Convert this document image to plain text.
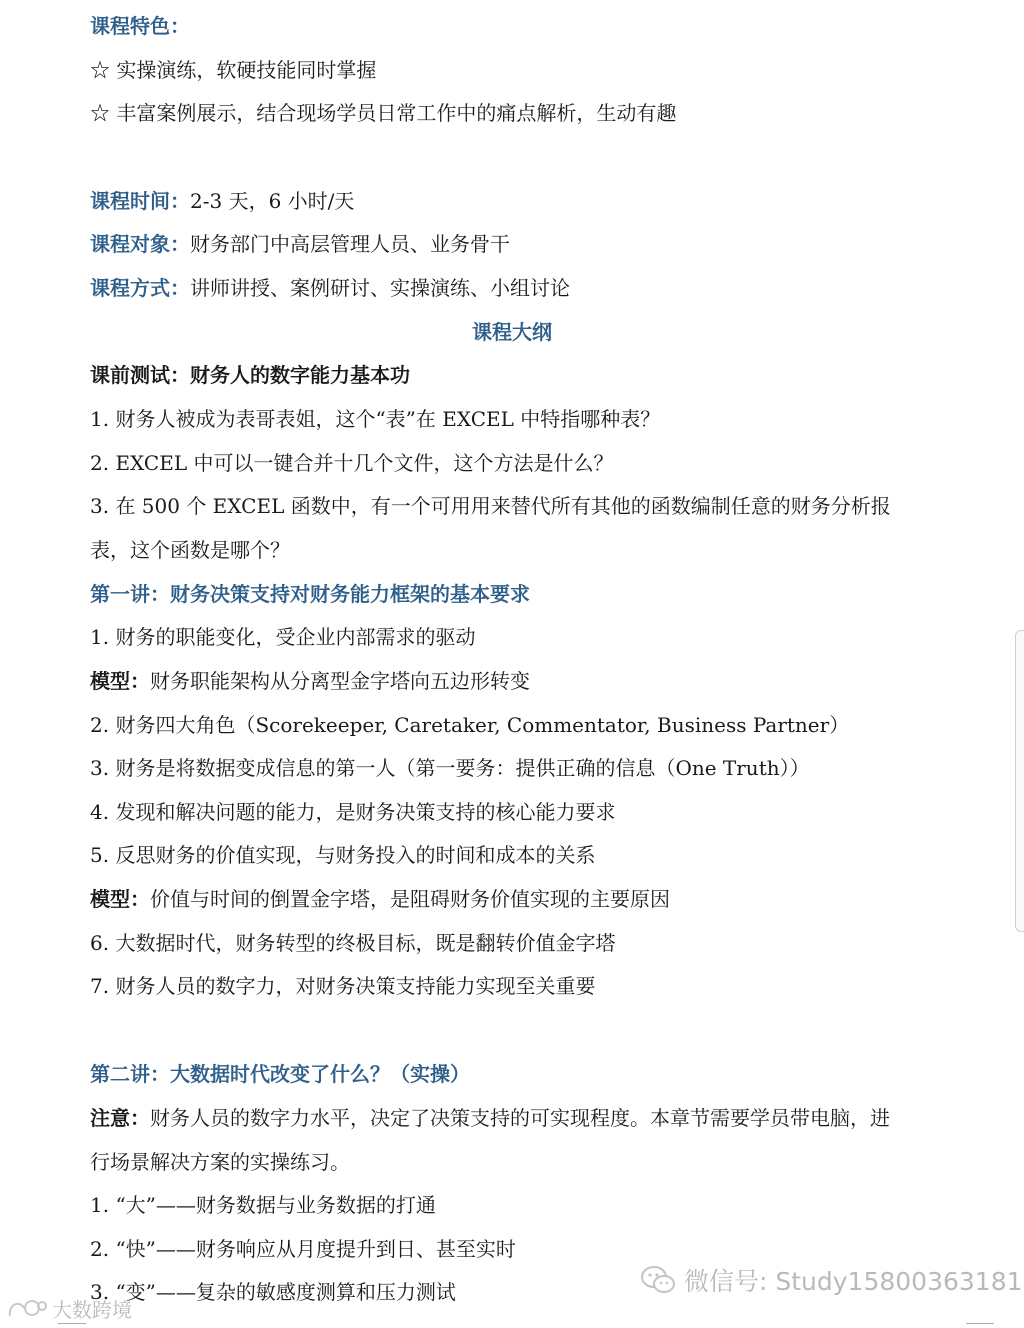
课程特色：
☆ 实操演练，软硬技能同时掌握
☆ 丰富案例展示，结合现场学员日常工作中的痛点解析，生动有趣
课程时间：2-3 天，6 小时/天
课程对象：财务部门中高层管理人员、业务骨干
课程方式：讲师讲授、案例研讨、实操演练、小组讨论
课程大纲
课前测试：财务人的数字能力基本功
1. 财务人被成为表哥表姐，这个“表”在 EXCEL 中特指哪种表？
2. EXCEL 中可以一键合并十几个文件，这个方法是什么？
3. 在 500 个 EXCEL 函数中，有一个可用用来替代所有其他的函数编制任意的财务分析报
表，这个函数是哪个？
第一讲：财务决策支持对财务能力框架的基本要求
1. 财务的职能变化，受企业内部需求的驱动
模型：财务职能架构从分离型金字塔向五边形转变
2. 财务四大角色（Scorekeeper, Caretaker, Commentator, Business Partner）
3. 财务是将数据变成信息的第一人（第一要务：提供正确的信息（One Truth））
4. 发现和解决问题的能力，是财务决策支持的核心能力要求
5. 反思财务的价值实现，与财务投入的时间和成本的关系
模型：价值与时间的倒置金字塔，是阻碍财务价值实现的主要原因
6. 大数据时代，财务转型的终极目标，既是翻转价值金字塔
7. 财务人员的数字力，对财务决策支持能力实现至关重要
第二讲：大数据时代改变了什么？（实操）
注意：财务人员的数字力水平，决定了决策支持的可实现程度。本章节需要学员带电脑，进
行场景解决方案的实操练习。
1. “大”——财务数据与业务数据的打通
2. “快”——财务响应从月度提升到日、甚至实时
3. “变”——复杂的敏感度测算和压力测试	微信号: Study15800363181
大数跨境
